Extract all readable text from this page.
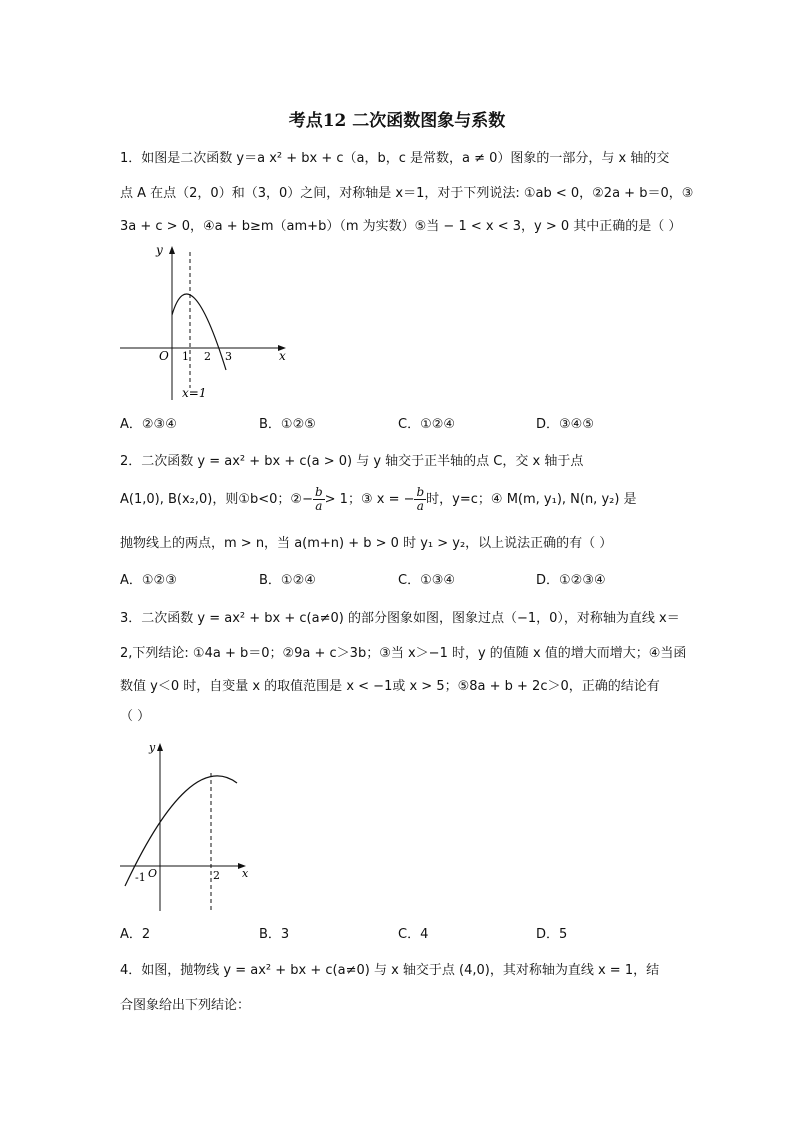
考点12 二次函数图象与系数
1．如图是二次函数 y＝a x² + bx + c（a，b，c 是常数，a ≠ 0）图象的一部分，与 x 轴的交
点 A 在点（2，0）和（3，0）之间，对称轴是 x＝1，对于下列说法: ①ab < 0，②2a + b＝0，③
3a + c > 0，④a + b≥m（am+b）（m 为实数）⑤当 − 1 < x < 3，y > 0 其中正确的是（ ）
y
x
O 1 2 3
x=1
A．②③④	B．①②⑤	C．①②④	D．③④⑤
2．二次函数 y = ax² + bx + c(a > 0) 与 y 轴交于正半轴的点 C，交 x 轴于点
A(1,0), B(x₂,0)，则①b<0；②− $\frac{b}{a} > 1$；③ x = − $\frac{b}{a}$ 时，y=c；④ M(m, y₁), N(n, y₂) 是
抛物线上的两点，m > n，当 a(m+n) + b > 0 时 y₁ > y₂，以上说法正确的有（ ）
A．①②③	B．①②④	C．①③④	D．①②③④
3．二次函数 y = ax² + bx + c(a≠0) 的部分图象如图，图象过点（−1，0），对称轴为直线 x＝
2,下列结论: ①4a + b＝0；②9a + c＞3b；③当 x＞−1 时，y 的值随 x 值的增大而增大；④当函
数值 y＜0 时，自变量 x 的取值范围是 x < −1或 x > 5；⑤8a + b + 2c＞0，正确的结论有
（ ）
y
x
O
-1	2
A．2	B．3	C．4	D．5
4．如图，抛物线 y = ax² + bx + c(a≠0) 与 x 轴交于点 (4,0)，其对称轴为直线 x = 1，结
合图象给出下列结论：
